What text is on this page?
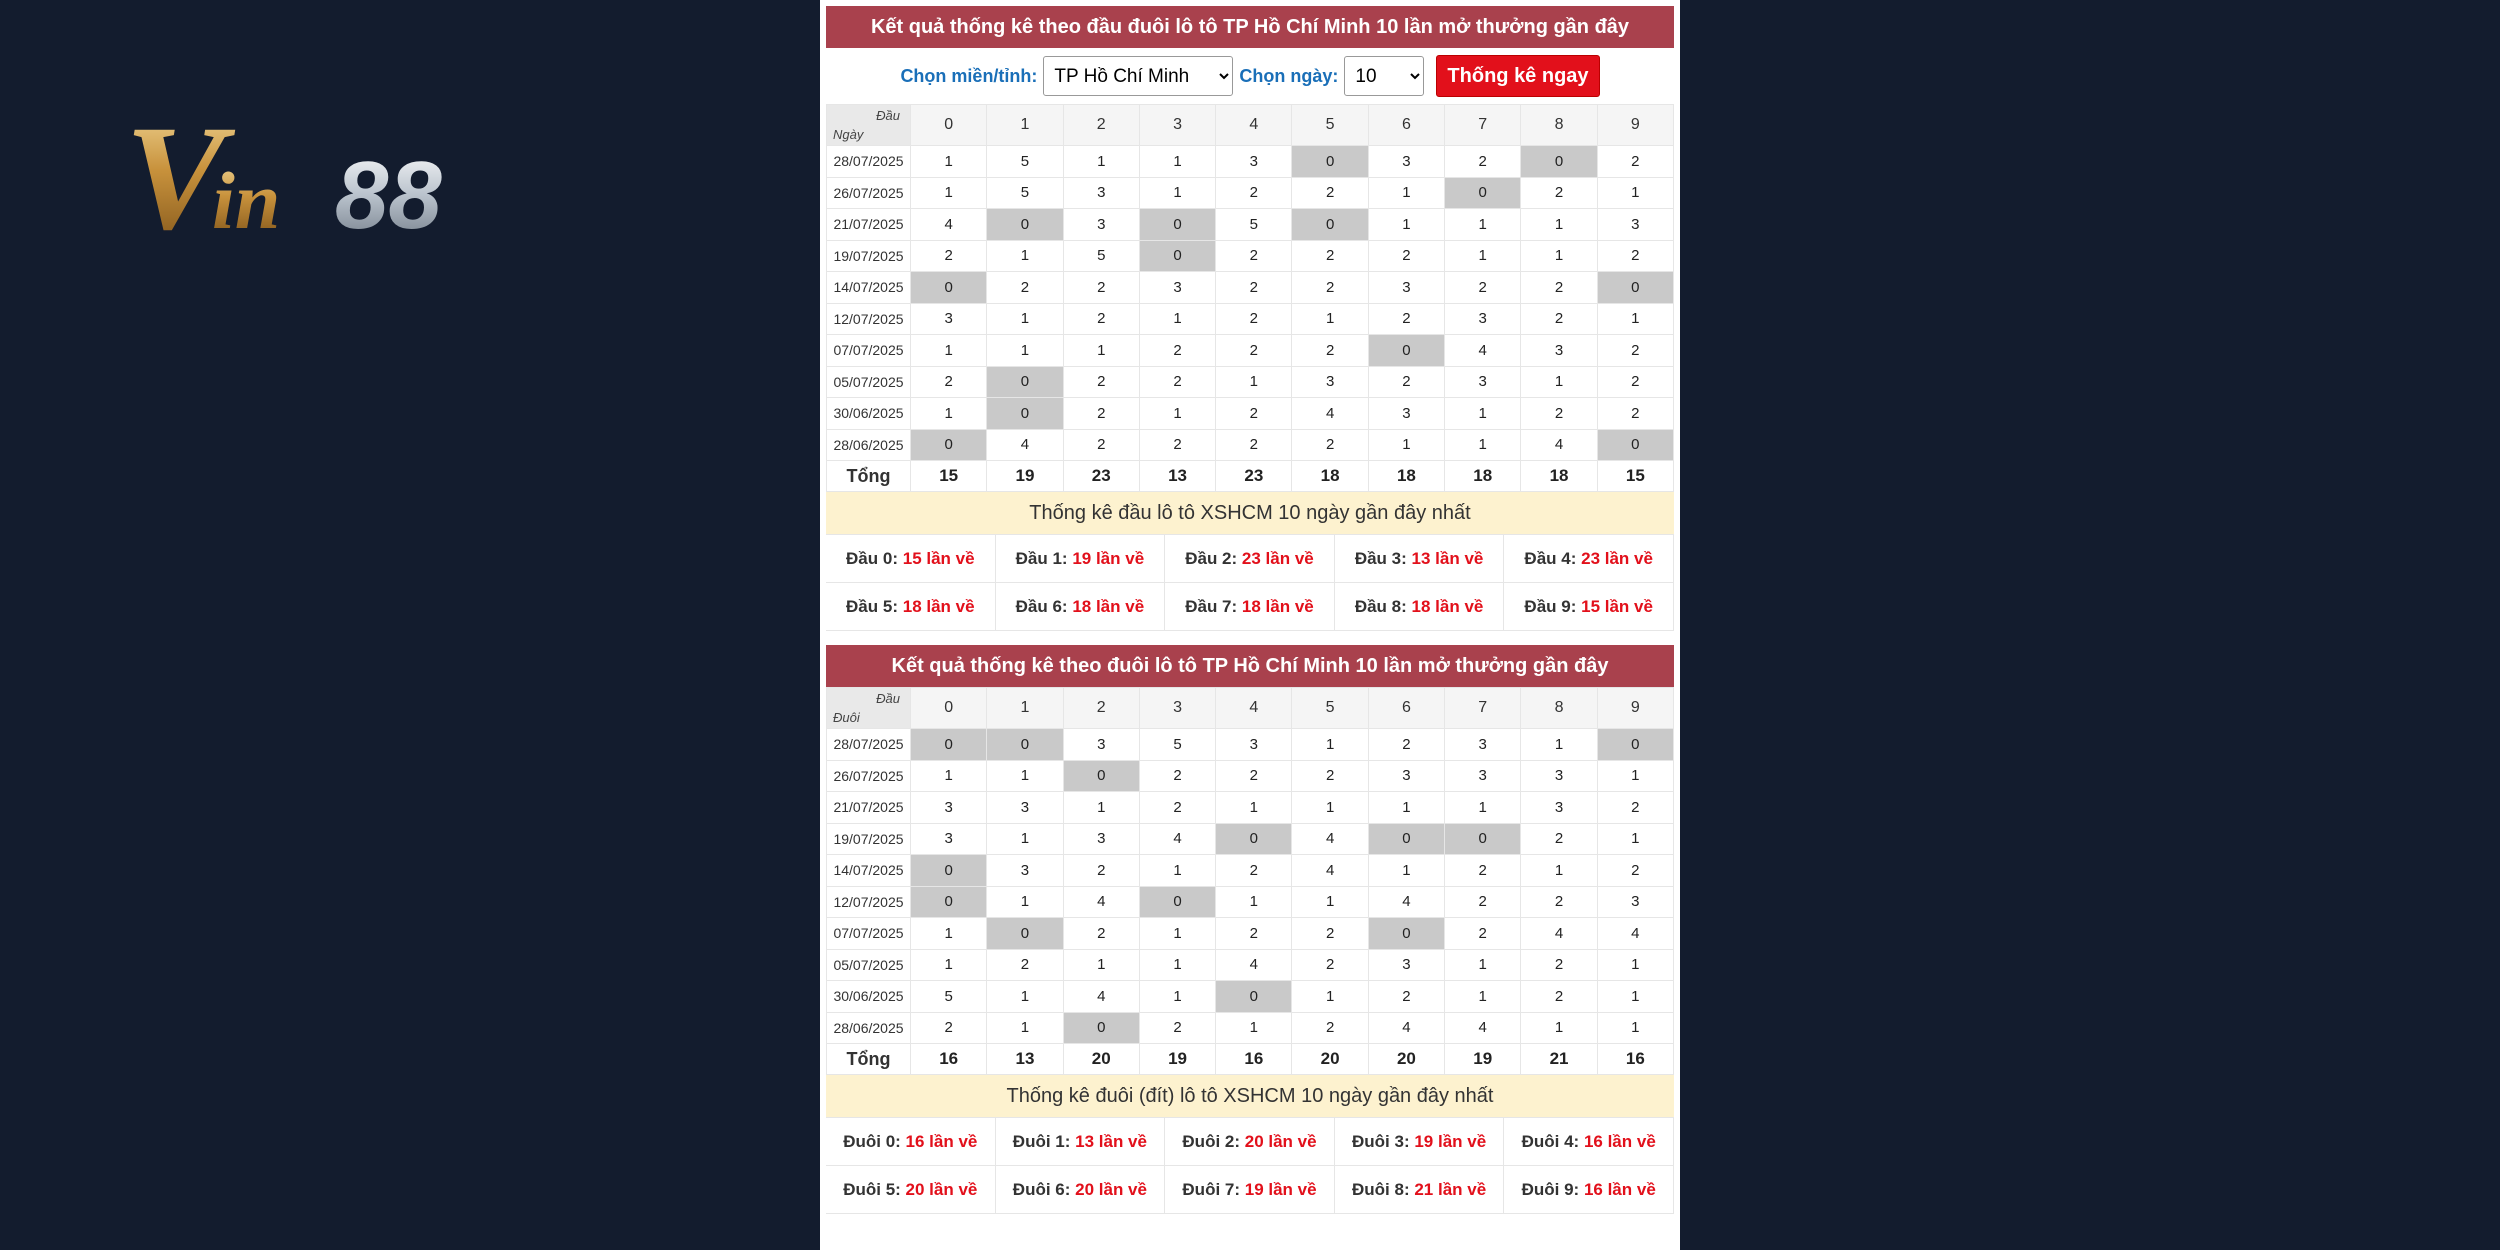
V
in 88
Kết quả thống kê theo đầu đuôi lô tô TP Hồ Chí Minh 10 lần mở thưởng gần đây
Chọn miền/tỉnh:
TP Hồ Chí Minh	Chọn ngày:
10	Thống kê ngay
Đầu
Ngày	0	1	2	3	4	5	6	7	8	9
28/07/2025	1	5	1	1	3	0	3	2	0	2
26/07/2025	1	5	3	1	2	2	1	0	2	1
21/07/2025	4	0	3	0	5	0	1	1	1	3
19/07/2025	2	1	5	0	2	2	2	1	1	2
14/07/2025	0	2	2	3	2	2	3	2	2	0
12/07/2025	3	1	2	1	2	1	2	3	2	1
07/07/2025	1	1	1	2	2	2	0	4	3	2
05/07/2025	2	0	2	2	1	3	2	3	1	2
30/06/2025	1	0	2	1	2	4	3	1	2	2
28/06/2025	0	4	2	2	2	2	1	1	4	0
Tổng	15	19	23	13	23	18	18	18	18	15
Thống kê đầu lô tô XSHCM 10 ngày gần đây nhất
Đầu 0: 15 lần về	Đầu 1: 19 lần về	Đầu 2: 23 lần về	Đầu 3: 13 lần về	Đầu 4: 23 lần về
Đầu 5: 18 lần về	Đầu 6: 18 lần về	Đầu 7: 18 lần về	Đầu 8: 18 lần về	Đầu 9: 15 lần về
Kết quả thống kê theo đuôi lô tô TP Hồ Chí Minh 10 lần mở thưởng gần đây
Đầu
Đuôi	0	1	2	3	4	5	6	7	8	9
28/07/2025	0	0	3	5	3	1	2	3	1	0
26/07/2025	1	1	0	2	2	2	3	3	3	1
21/07/2025	3	3	1	2	1	1	1	1	3	2
19/07/2025	3	1	3	4	0	4	0	0	2	1
14/07/2025	0	3	2	1	2	4	1	2	1	2
12/07/2025	0	1	4	0	1	1	4	2	2	3
07/07/2025	1	0	2	1	2	2	0	2	4	4
05/07/2025	1	2	1	1	4	2	3	1	2	1
30/06/2025	5	1	4	1	0	1	2	1	2	1
28/06/2025	2	1	0	2	1	2	4	4	1	1
Tổng	16	13	20	19	16	20	20	19	21	16
Thống kê đuôi (đít) lô tô XSHCM 10 ngày gần đây nhất
Đuôi 0: 16 lần về	Đuôi 1: 13 lần về	Đuôi 2: 20 lần về	Đuôi 3: 19 lần về	Đuôi 4: 16 lần về
Đuôi 5: 20 lần về	Đuôi 6: 20 lần về	Đuôi 7: 19 lần về	Đuôi 8: 21 lần về	Đuôi 9: 16 lần về
